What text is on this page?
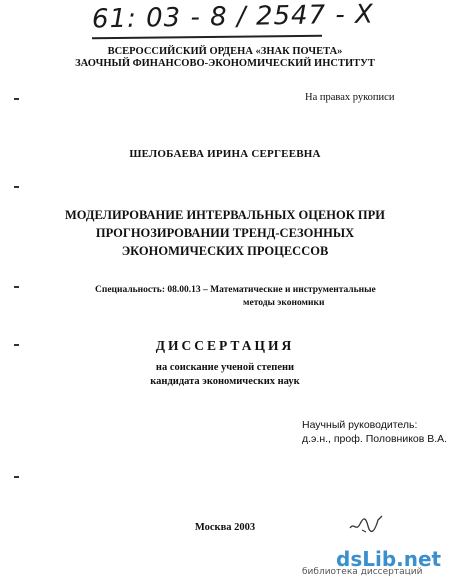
61: 03 - 8 / 2547 - X
ВСЕРОССИЙСКИЙ ОРДЕНА «ЗНАК ПОЧЕТА»
ЗАОЧНЫЙ ФИНАНСОВО-ЭКОНОМИЧЕСКИЙ ИНСТИТУТ
На правах рукописи
ШЕЛОБАЕВА ИРИНА СЕРГЕЕВНА
МОДЕЛИРОВАНИЕ ИНТЕРВАЛЬНЫХ ОЦЕНОК ПРИ
ПРОГНОЗИРОВАНИИ ТРЕНД-СЕЗОННЫХ
ЭКОНОМИЧЕСКИХ ПРОЦЕССОВ
Специальность: 08.00.13 – Математические и инструментальные
методы экономики
ДИССЕРТАЦИЯ
на соискание ученой степени
кандидата экономических наук
Научный руководитель:
д.э.н., проф. Половников В.А.
Москва 2003
dsLib.net
библиотека диссертаций
